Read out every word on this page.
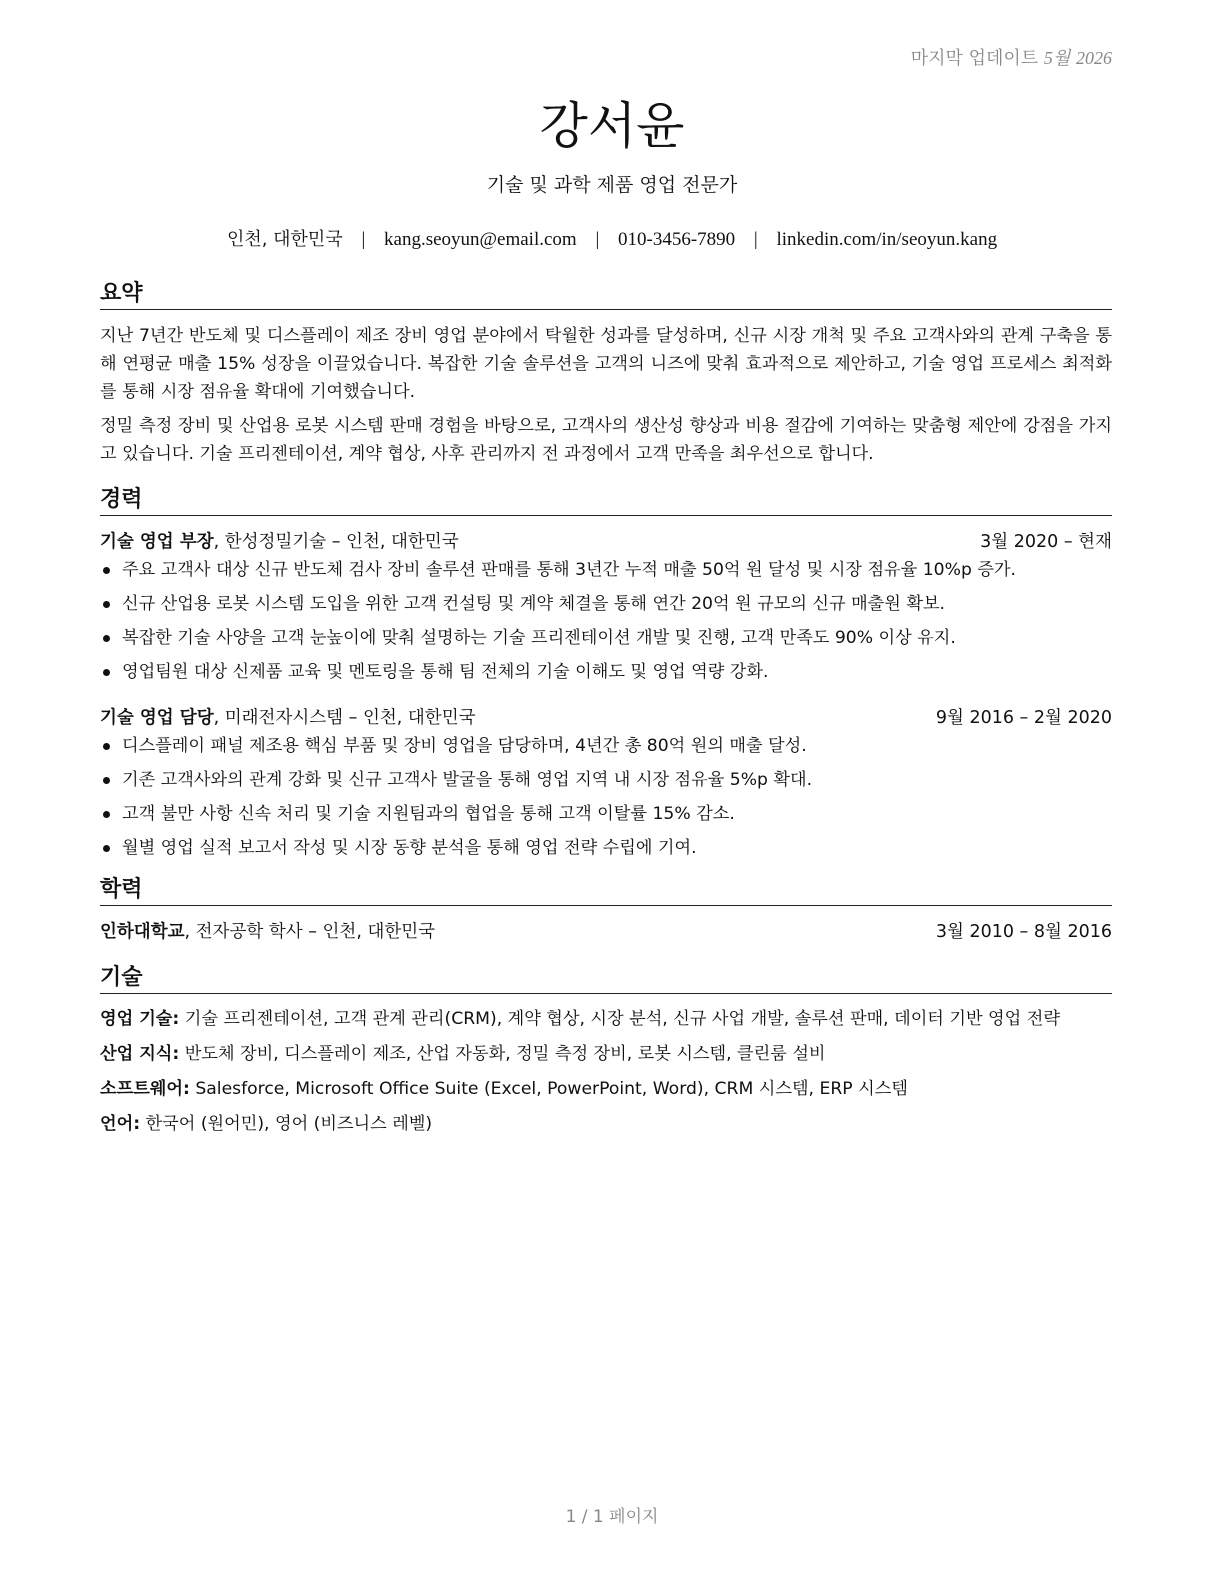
마지막 업데이트 5월 2026
강서윤
기술 및 과학 제품 영업 전문가
인천, 대한민국 | kang.seoyun@email.com | 010-3456-7890 | linkedin.com/in/seoyun.kang
요약

지난 7년간 반도체 및 디스플레이 제조 장비 영업 분야에서 탁월한 성과를 달성하며, 신규 시장 개척 및 주요 고객사와의 관계 구축을 통해 연평균 매출 15% 성장을 이끌었습니다. 복잡한 기술 솔루션을 고객의 니즈에 맞춰 효과적으로 제안하고, 기술 영업 프로세스 최적화를 통해 시장 점유율 확대에 기여했습니다.

정밀 측정 장비 및 산업용 로봇 시스템 판매 경험을 바탕으로, 고객사의 생산성 향상과 비용 절감에 기여하는 맞춤형 제안에 강점을 가지고 있습니다. 기술 프리젠테이션, 계약 협상, 사후 관리까지 전 과정에서 고객 만족을 최우선으로 합니다.

경력
기술 영업 부장, 한성정밀기술 – 인천, 대한민국	3월 2020 – 현재
주요 고객사 대상 신규 반도체 검사 장비 솔루션 판매를 통해 3년간 누적 매출 50억 원 달성 및 시장 점유율 10%p 증가.
신규 산업용 로봇 시스템 도입을 위한 고객 컨설팅 및 계약 체결을 통해 연간 20억 원 규모의 신규 매출원 확보.
복잡한 기술 사양을 고객 눈높이에 맞춰 설명하는 기술 프리젠테이션 개발 및 진행, 고객 만족도 90% 이상 유지.
영업팀원 대상 신제품 교육 및 멘토링을 통해 팀 전체의 기술 이해도 및 영업 역량 강화.
기술 영업 담당, 미래전자시스템 – 인천, 대한민국	9월 2016 – 2월 2020
디스플레이 패널 제조용 핵심 부품 및 장비 영업을 담당하며, 4년간 총 80억 원의 매출 달성.
기존 고객사와의 관계 강화 및 신규 고객사 발굴을 통해 영업 지역 내 시장 점유율 5%p 확대.
고객 불만 사항 신속 처리 및 기술 지원팀과의 협업을 통해 고객 이탈률 15% 감소.
월별 영업 실적 보고서 작성 및 시장 동향 분석을 통해 영업 전략 수립에 기여.
학력
인하대학교, 전자공학 학사 – 인천, 대한민국	3월 2010 – 8월 2016
기술

영업 기술: 기술 프리젠테이션, 고객 관계 관리(CRM), 계약 협상, 시장 분석, 신규 사업 개발, 솔루션 판매, 데이터 기반 영업 전략

산업 지식: 반도체 장비, 디스플레이 제조, 산업 자동화, 정밀 측정 장비, 로봇 시스템, 클린룸 설비

소프트웨어: Salesforce, Microsoft Office Suite (Excel, PowerPoint, Word), CRM 시스템, ERP 시스템

언어: 한국어 (원어민), 영어 (비즈니스 레벨)

1 / 1 페이지
